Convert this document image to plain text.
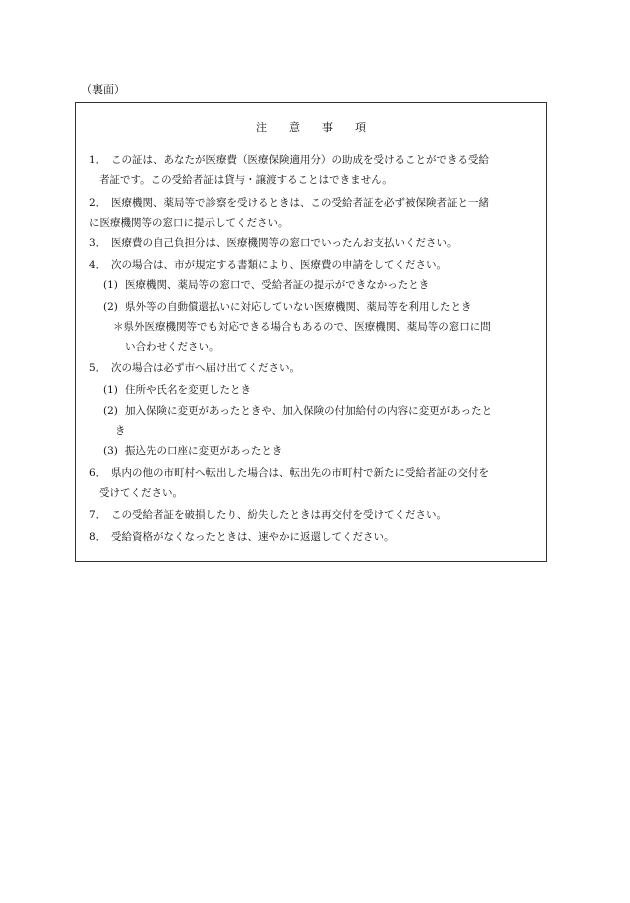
（裏面）
注　　意　　事　　項
1． この証は、あなたが医療費（医療保険適用分）の助成を受けることができる受給
者証です。この受給者証は貸与・譲渡することはできません。
2． 医療機関、薬局等で診察を受けるときは、この受給者証を必ず被保険者証と一緒
に医療機関等の窓口に提示してください。
3． 医療費の自己負担分は、医療機関等の窓口でいったんお支払いください。
4． 次の場合は、市が規定する書類により、医療費の申請をしてください。
(1) 医療機関、薬局等の窓口で、受給者証の提示ができなかったとき
(2) 県外等の自動償還払いに対応していない医療機関、薬局等を利用したとき
＊県外医療機関等でも対応できる場合もあるので、医療機関、薬局等の窓口に問
い合わせください。
5． 次の場合は必ず市へ届け出てください。
(1) 住所や氏名を変更したとき
(2) 加入保険に変更があったときや、加入保険の付加給付の内容に変更があったと
き
(3) 振込先の口座に変更があったとき
6． 県内の他の市町村へ転出した場合は、転出先の市町村で新たに受給者証の交付を
受けてください。
7． この受給者証を破損したり、紛失したときは再交付を受けてください。
8． 受給資格がなくなったときは、速やかに返還してください。
